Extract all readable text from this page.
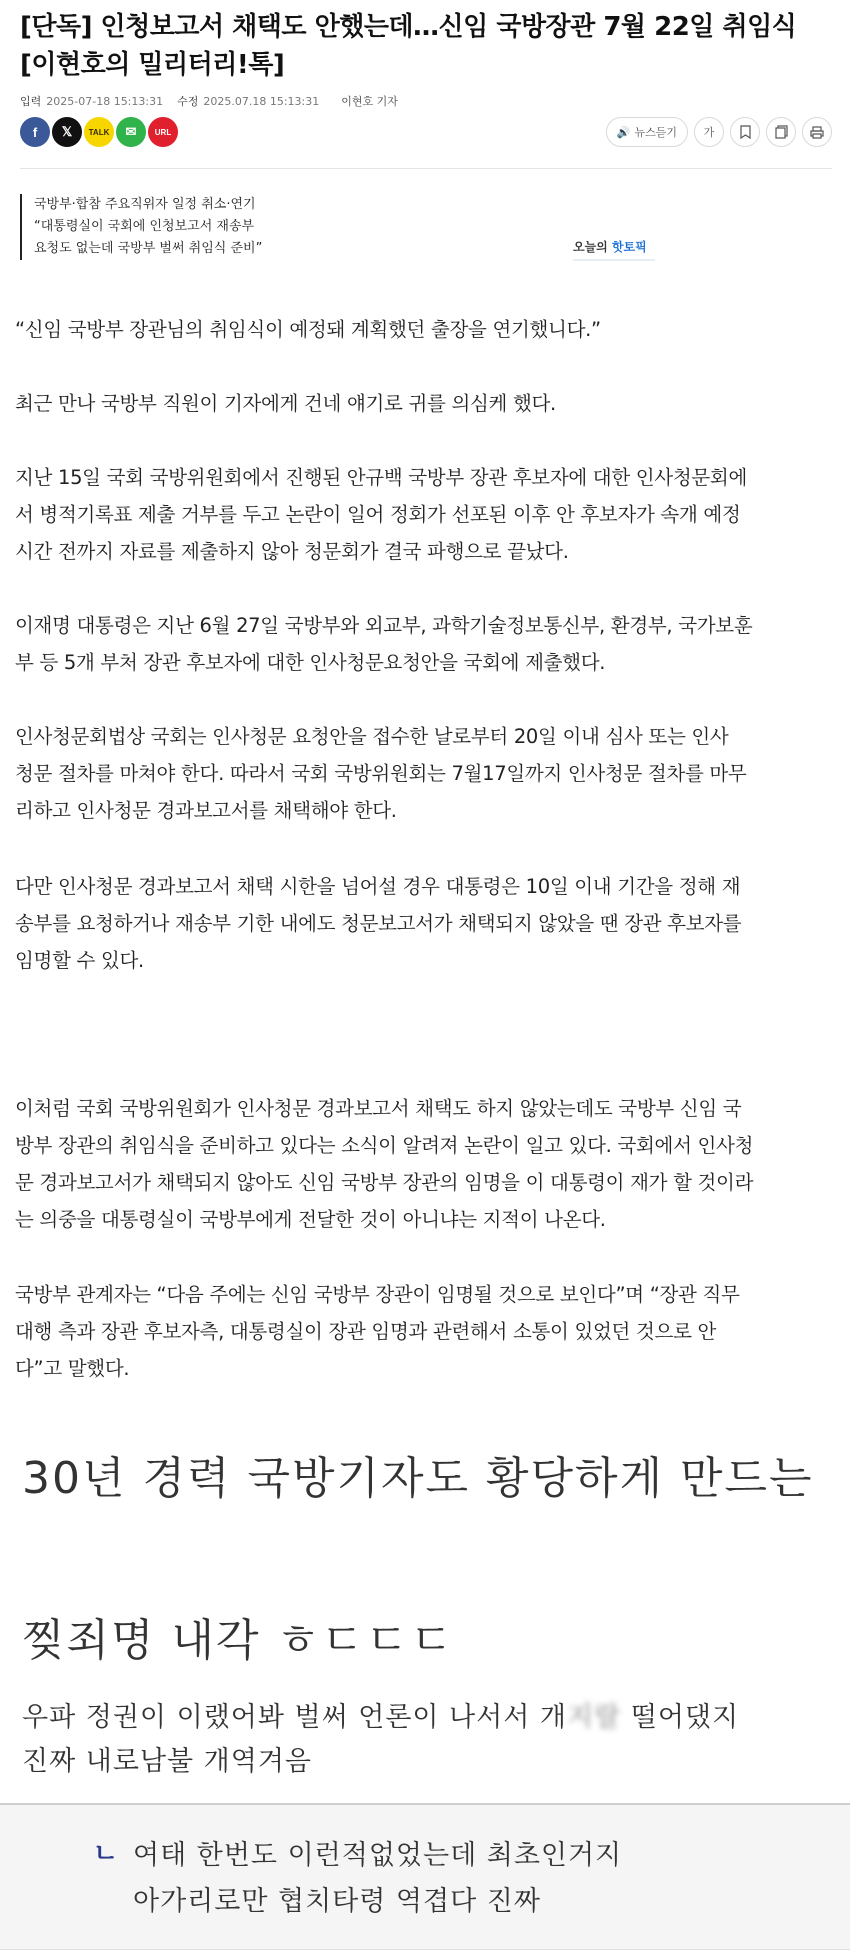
[단독] 인청보고서 채택도 안했는데…신임 국방장관 7월 22일 취임식
[이현호의 밀리터리!톡]
입력 2025-07-18 15:13:31 수정 2025.07.18 15:13:31 이현호 기자
f	𝕏	TALK	✉	URL	🔊 뉴스듣기	가

국방부·합참 주요직위자 일정 취소·연기

“대통령실이 국회에 인청보고서 재송부

요청도 없는데 국방부 벌써 취임식 준비”	오늘의 핫토픽

“신임 국방부 장관님의 취임식이 예정돼 계획했던 출장을 연기했니다.”

최근 만나 국방부 직원이 기자에게 건네 얘기로 귀를 의심케 했다.

지난 15일 국회 국방위원회에서 진행된 안규백 국방부 장관 후보자에 대한 인사청문회에

서 병적기록표 제출 거부를 두고 논란이 일어 정회가 선포된 이후 안 후보자가 속개 예정

시간 전까지 자료를 제출하지 않아 청문회가 결국 파행으로 끝났다.

이재명 대통령은 지난 6월 27일 국방부와 외교부, 과학기술정보통신부, 환경부, 국가보훈

부 등 5개 부처 장관 후보자에 대한 인사청문요청안을 국회에 제출했다.

인사청문회법상 국회는 인사청문 요청안을 접수한 날로부터 20일 이내 심사 또는 인사

청문 절차를 마쳐야 한다. 따라서 국회 국방위원회는 7월17일까지 인사청문 절차를 마무

리하고 인사청문 경과보고서를 채택해야 한다.

다만 인사청문 경과보고서 채택 시한을 넘어설 경우 대통령은 10일 이내 기간을 정해 재

송부를 요청하거나 재송부 기한 내에도 청문보고서가 채택되지 않았을 땐 장관 후보자를

임명할 수 있다.

이처럼 국회 국방위원회가 인사청문 경과보고서 채택도 하지 않았는데도 국방부 신임 국

방부 장관의 취임식을 준비하고 있다는 소식이 알려져 논란이 일고 있다. 국회에서 인사청

문 경과보고서가 채택되지 않아도 신임 국방부 장관의 임명을 이 대통령이 재가 할 것이라

는 의중을 대통령실이 국방부에게 전달한 것이 아니냐는 지적이 나온다.

국방부 관계자는 “다음 주에는 신임 국방부 장관이 임명될 것으로 보인다”며 “장관 직무

대행 측과 장관 후보자측, 대통령실이 장관 임명과 관련해서 소통이 있었던 것으로 안

다”고 말했다.

30년 경력 국방기자도 황당하게 만드는
찢죄명 내각 ㅎㄷㄷㄷ
우파 정권이 이랬어봐 벌써 언론이 나서서 개지랄 떨어댔지
진짜 내로남불 개역겨음
ㄴ 여태 한번도 이런적없었는데 최초인거지
아가리로만 협치타령 역겹다 진짜
